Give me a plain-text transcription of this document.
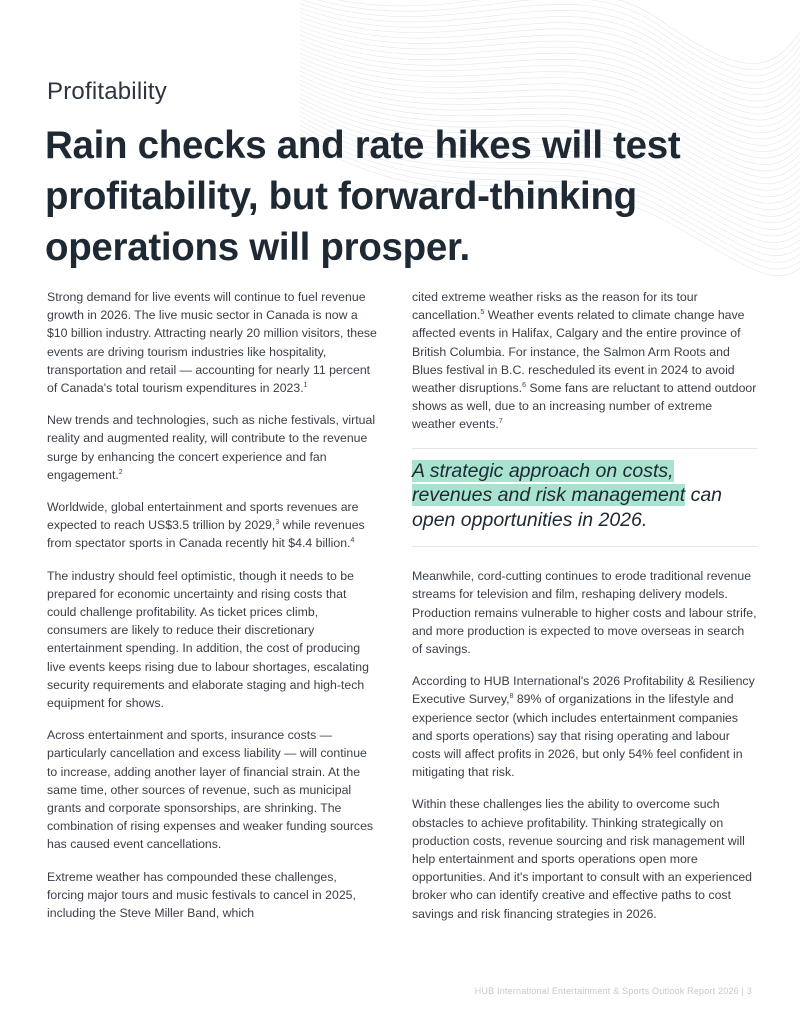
Profitability
Rain checks and rate hikes will test profitability, but forward-thinking operations will prosper.

Strong demand for live events will continue to fuel revenue growth in 2026. The live music sector in Canada is now a $10 billion industry. Attracting nearly 20 million visitors, these events are driving tourism industries like hospitality, transportation and retail — accounting for nearly 11 percent of Canada's total tourism expenditures in 2023.$^1$

New trends and technologies, such as niche festivals, virtual reality and augmented reality, will contribute to the revenue surge by enhancing the concert experience and fan engagement.$^2$

Worldwide, global entertainment and sports revenues are expected to reach US$3.5 trillion by 2029,$^3$ while revenues from spectator sports in Canada recently hit $4.4 billion.$^4$

The industry should feel optimistic, though it needs to be prepared for economic uncertainty and rising costs that could challenge profitability. As ticket prices climb, consumers are likely to reduce their discretionary entertainment spending. In addition, the cost of producing live events keeps rising due to labour shortages, escalating security requirements and elaborate staging and high-tech equipment for shows.

Across entertainment and sports, insurance costs — particularly cancellation and excess liability — will continue to increase, adding another layer of financial strain. At the same time, other sources of revenue, such as municipal grants and corporate sponsorships, are shrinking. The combination of rising expenses and weaker funding sources has caused event cancellations.

Extreme weather has compounded these challenges, forcing major tours and music festivals to cancel in 2025, including the Steve Miller Band, which

cited extreme weather risks as the reason for its tour cancellation.$^5$ Weather events related to climate change have affected events in Halifax, Calgary and the entire province of British Columbia. For instance, the Salmon Arm Roots and Blues festival in B.C. rescheduled its event in 2024 to avoid weather disruptions.$^6$ Some fans are reluctant to attend outdoor shows as well, due to an increasing number of extreme weather events.$^7$

A strategic approach on costs, revenues and risk management can open opportunities in 2026.

Meanwhile, cord-cutting continues to erode traditional revenue streams for television and film, reshaping delivery models. Production remains vulnerable to higher costs and labour strife, and more production is expected to move overseas in search of savings.

According to HUB International's 2026 Profitability & Resiliency Executive Survey,$^8$ 89% of organizations in the lifestyle and experience sector (which includes entertainment companies and sports operations) say that rising operating and labour costs will affect profits in 2026, but only 54% feel confident in mitigating that risk.

Within these challenges lies the ability to overcome such obstacles to achieve profitability. Thinking strategically on production costs, revenue sourcing and risk management will help entertainment and sports operations open more opportunities. And it's important to consult with an experienced broker who can identify creative and effective paths to cost savings and risk financing strategies in 2026.

HUB International Entertainment & Sports Outlook Report 2026 | 3
